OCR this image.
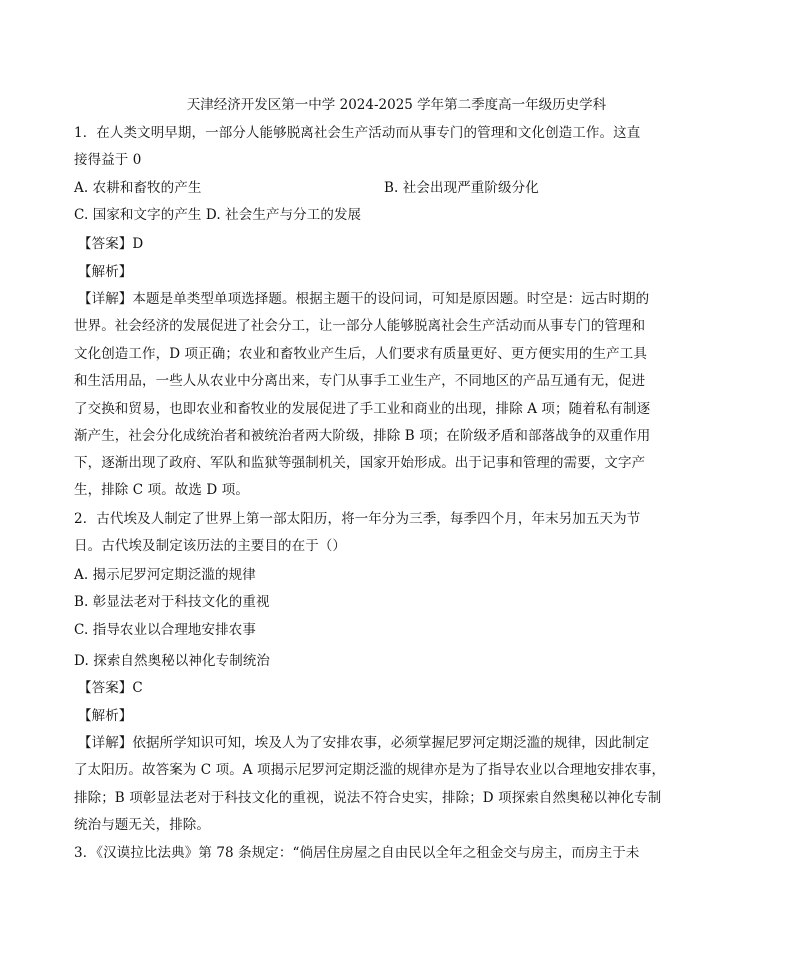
天津经济开发区第一中学 2024-2025 学年第二季度高一年级历史学科
1．在人类文明早期，一部分人能够脱离社会生产活动而从事专门的管理和文化创造工作。这直
接得益于 0
A. 农耕和畜牧的产生	B. 社会出现严重阶级分化
C. 国家和文字的产生 D. 社会生产与分工的发展
【答案】D
【解析】
【详解】本题是单类型单项选择题。根据主题干的设问词，可知是原因题。时空是：远古时期的
世界。社会经济的发展促进了社会分工，让一部分人能够脱离社会生产活动而从事专门的管理和
文化创造工作，D 项正确；农业和畜牧业产生后，人们要求有质量更好、更方便实用的生产工具
和生活用品，一些人从农业中分离出来，专门从事手工业生产，不同地区的产品互通有无，促进
了交换和贸易，也即农业和畜牧业的发展促进了手工业和商业的出现，排除 A 项；随着私有制逐
渐产生，社会分化成统治者和被统治者两大阶级，排除 B 项；在阶级矛盾和部落战争的双重作用
下，逐渐出现了政府、军队和监狱等强制机关，国家开始形成。出于记事和管理的需要，文字产
生，排除 C 项。故选 D 项。
2．古代埃及人制定了世界上第一部太阳历，将一年分为三季，每季四个月，年末另加五天为节
日。古代埃及制定该历法的主要目的在于（）
A. 揭示尼罗河定期泛滥的规律
B. 彰显法老对于科技文化的重视
C. 指导农业以合理地安排农事
D. 探索自然奥秘以神化专制统治
【答案】C
【解析】
【详解】依据所学知识可知，埃及人为了安排农事，必须掌握尼罗河定期泛滥的规律，因此制定
了太阳历。故答案为 C 项。A 项揭示尼罗河定期泛滥的规律亦是为了指导农业以合理地安排农事，
排除；B 项彰显法老对于科技文化的重视，说法不符合史实，排除；D 项探索自然奥秘以神化专制
统治与题无关，排除。
3．《汉谟拉比法典》第 78 条规定：“倘居住房屋之自由民以全年之租金交与房主，而房主于未
